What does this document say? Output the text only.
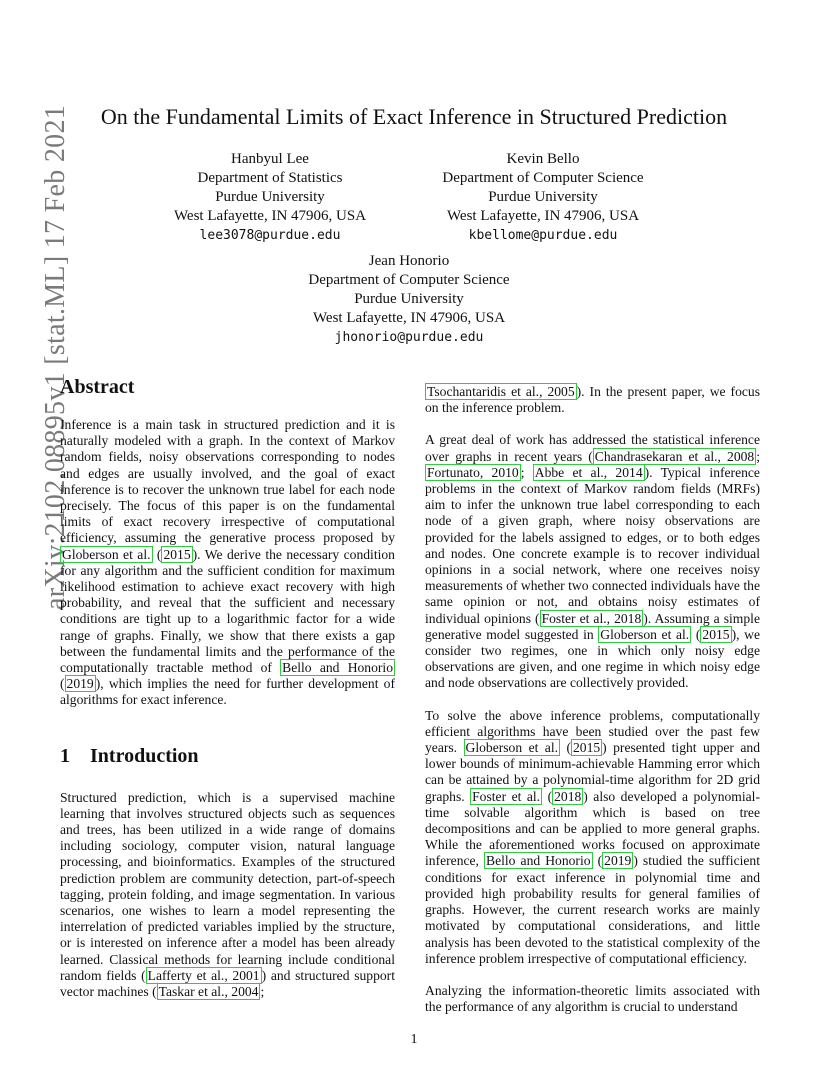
arXiv:2102.08895v1 [stat.ML] 17 Feb 2021	On the Fundamental Limits of Exact Inference in Structured Prediction
Hanbyul Lee
Department of Statistics
Purdue University
West Lafayette, IN 47906, USA
lee3078@purdue.edu
Kevin Bello
Department of Computer Science
Purdue University
West Lafayette, IN 47906, USA
kbellome@purdue.edu
Jean Honorio
Department of Computer Science
Purdue University
West Lafayette, IN 47906, USA
jhonorio@purdue.edu
Abstract

Inference is a main task in structured prediction and it is naturally modeled with a graph. In the context of Markov random fields, noisy observations corresponding to nodes and edges are usually involved, and the goal of exact inference is to recover the unknown true label for each node precisely. The focus of this paper is on the fundamental limits of exact recovery irrespective of computational efficiency, assuming the generative process proposed by Globerson et al. ( 2015 ). We derive the necessary condition for any algorithm and the sufficient condition for maximum likelihood estimation to achieve exact recovery with high probability, and reveal that the sufficient and necessary conditions are tight up to a logarithmic factor for a wide range of graphs. Finally, we show that there exists a gap between the fundamental limits and the performance of the computationally tractable method of Bello and Honorio ( 2019 ), which implies the need for further development of algorithms for exact inference.

1 Introduction

Structured prediction, which is a supervised machine learning that involves structured objects such as sequences and trees, has been utilized in a wide range of domains including sociology, computer vision, natural language processing, and bioinformatics. Examples of the structured prediction problem are community detection, part-of-speech tagging, protein folding, and image segmentation. In various scenarios, one wishes to learn a model representing the interrelation of predicted variables implied by the structure, or is interested on inference after a model has been already learned. Classical methods for learning include conditional random fields ( Lafferty et al., 2001 ) and structured support vector machines ( Taskar et al., 2004 ;

Tsochantaridis et al., 2005 ). In the present paper, we focus on the inference problem.

A great deal of work has addressed the statistical inference over graphs in recent years ( Chandrasekaran et al., 2008 ; Fortunato, 2010 ; Abbe et al., 2014 ). Typical inference problems in the context of Markov random fields (MRFs) aim to infer the unknown true label corresponding to each node of a given graph, where noisy observations are provided for the labels assigned to edges, or to both edges and nodes. One concrete example is to recover individual opinions in a social network, where one receives noisy measurements of whether two connected individuals have the same opinion or not, and obtains noisy estimates of individual opinions ( Foster et al., 2018 ). Assuming a simple generative model suggested in Globerson et al. ( 2015 ), we consider two regimes, one in which only noisy edge observations are given, and one regime in which noisy edge and node observations are collectively provided.

To solve the above inference problems, computationally efficient algorithms have been studied over the past few years. Globerson et al. ( 2015 ) presented tight upper and lower bounds of minimum-achievable Hamming error which can be attained by a polynomial-time algorithm for 2D grid graphs. Foster et al. ( 2018 ) also developed a polynomial-time solvable algorithm which is based on tree decompositions and can be applied to more general graphs. While the aforementioned works focused on approximate inference, Bello and Honorio ( 2019 ) studied the sufficient conditions for exact inference in polynomial time and provided high probability results for general families of graphs. However, the current research works are mainly motivated by computational considerations, and little analysis has been devoted to the statistical complexity of the inference problem irrespective of computational efficiency.

Analyzing the information-theoretic limits associated with the performance of any algorithm is crucial to understand

1
